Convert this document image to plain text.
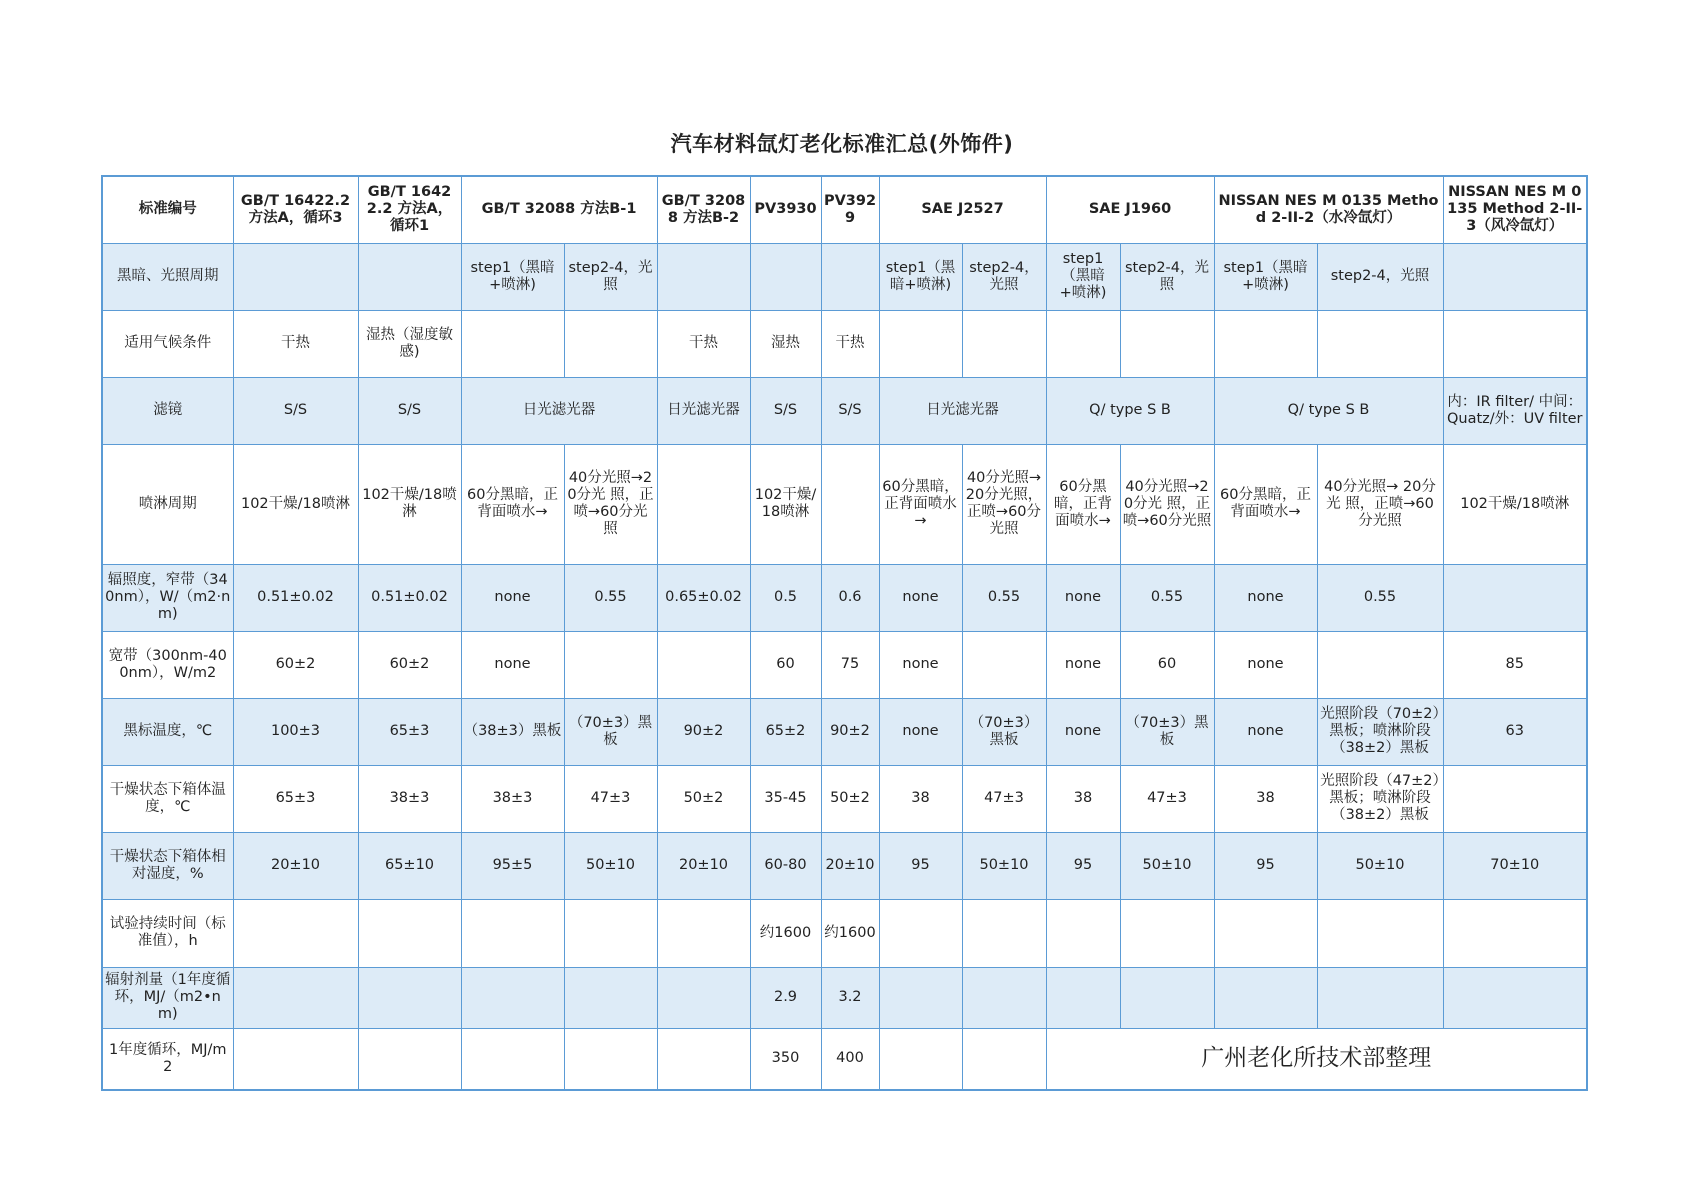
汽车材料氙灯老化标准汇总(外饰件)
标准编号	GB/T 16422.2 方法A，循环3	GB/T 16422.2 方法A，循环1	GB/T 32088 方法B-1		GB/T 32088 方法B-2	PV3930	PV3929	SAE J2527		SAE J1960		NISSAN NES M 0135 Method 2-II-2（水冷氙灯）		NISSAN NES M 0135 Method 2-II-3（风冷氙灯）
黑暗、光照周期			step1（黑暗+喷淋)	step2-4，光照				step1（黑暗+喷淋)	step2-4，光照	step1（黑暗+喷淋)	step2-4，光照	step1（黑暗+喷淋)	step2-4，光照	
适用气候条件	干热	湿热（湿度敏感)			干热	湿热	干热							
滤镜	S/S	S/S	日光滤光器		日光滤光器	S/S	S/S	日光滤光器		Q/ type S B		Q/ type S B		内：IR filter/ 中间：Quatz/外：UV filter
喷淋周期	102干燥/18喷淋	102干燥/18喷淋	60分黑暗，正背面喷水→	40分光照→20分光 照，正喷→60分光照		102干燥/18喷淋		60分黑暗，正背面喷水→	40分光照→20分光照，正喷→60分光照	60分黑暗，正背面喷水→	40分光照→20分光 照，正喷→60分光照	60分黑暗，正背面喷水→	40分光照→ 20分光 照，正喷→60分光照	102干燥/18喷淋
辐照度，窄带（340nm），W/（m2·nm)	0.51±0.02	0.51±0.02	none	0.55	0.65±0.02	0.5	0.6	none	0.55	none	0.55	none	0.55	
宽带（300nm-400nm），W/m2	60±2	60±2	none			60	75	none		none	60	none		85
黑标温度，℃	100±3	65±3	（38±3）黑板	（70±3）黑板	90±2	65±2	90±2	none	（70±3）黑板	none	（70±3）黑板	none	光照阶段（70±2）黑板；喷淋阶段（38±2）黑板	63
干燥状态下箱体温度，℃	65±3	38±3	38±3	47±3	50±2	35-45	50±2	38	47±3	38	47±3	38	光照阶段（47±2）黑板；喷淋阶段（38±2）黑板	
干燥状态下箱体相对湿度，%	20±10	65±10	95±5	50±10	20±10	60-80	20±10	95	50±10	95	50±10	95	50±10	70±10
试验持续时间（标准值），h						约1600	约1600							
辐射剂量（1年度循环，MJ/（m2•nm)						2.9	3.2							
1年度循环，MJ/m2						350	400			广州老化所技术部整理				
